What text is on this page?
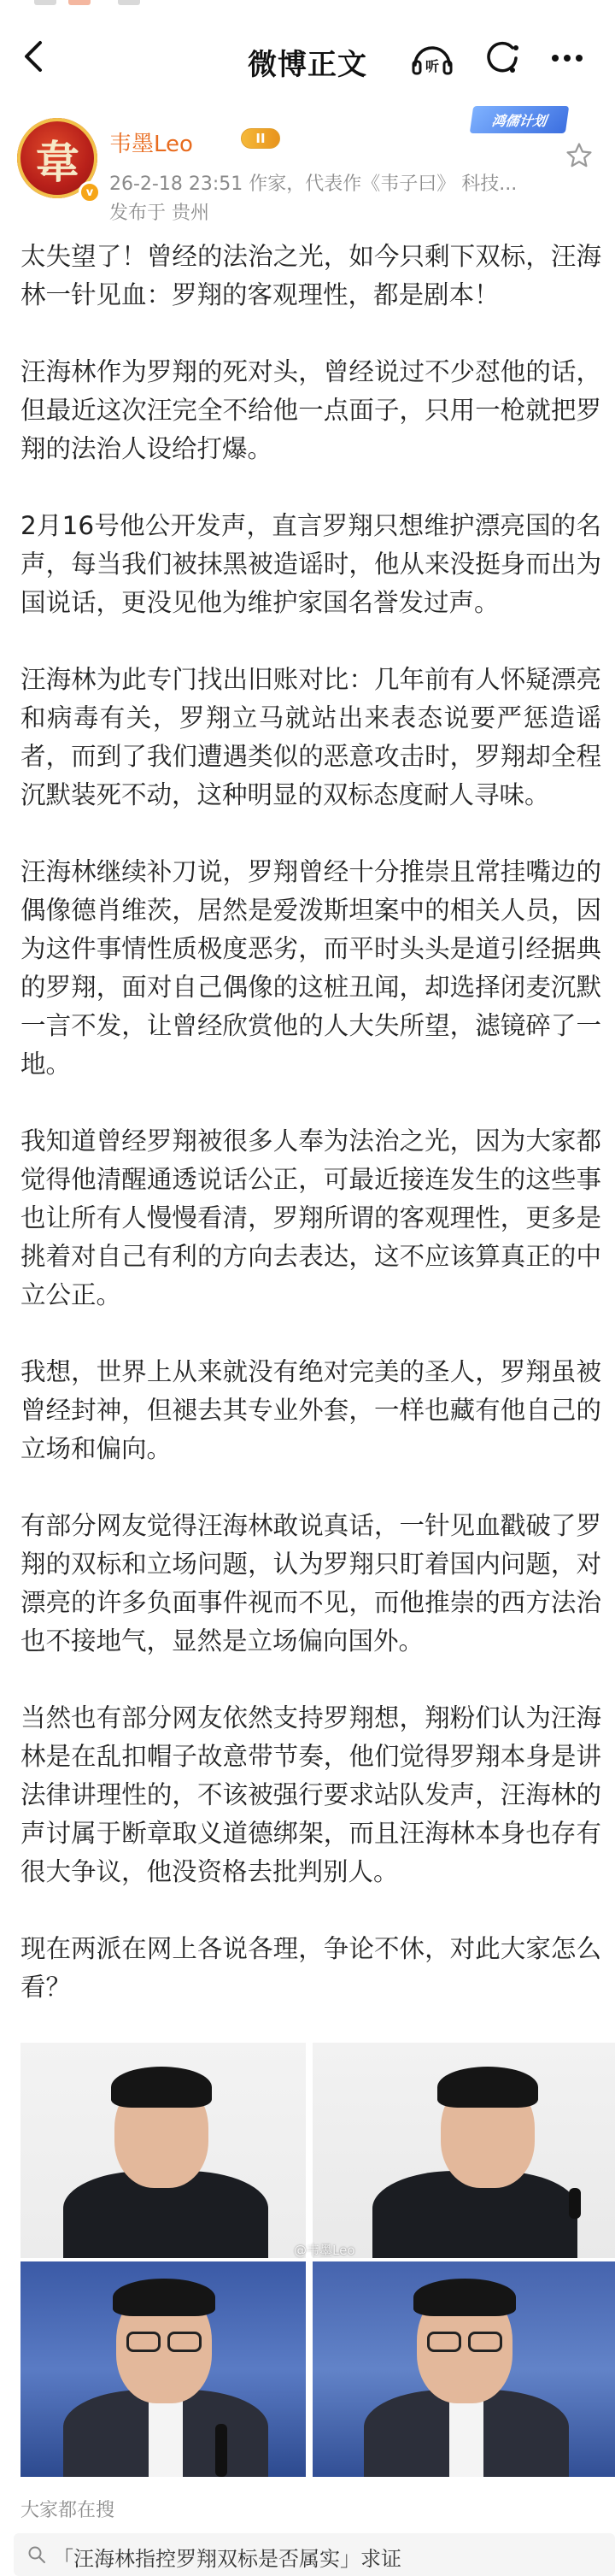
微博正文	听
韋
v
韦墨Leo	II
鸿儒计划
26-2-18 23:51 作家，代表作《韦子曰》 科技...
发布于 贵州

太失望了！曾经的法治之光，如今只剩下双标，汪海林一针见血：罗翔的客观理性，都是剧本！

汪海林作为罗翔的死对头，曾经说过不少怼他的话，但最近这次汪完全不给他一点面子，只用一枪就把罗翔的法治人设给打爆。

2月16号他公开发声，直言罗翔只想维护漂亮国的名声，每当我们被抹黑被造谣时，他从来没挺身而出为国说话，更没见他为维护家国名誉发过声。

汪海林为此专门找出旧账对比：几年前有人怀疑漂亮和病毒有关，罗翔立马就站出来表态说要严惩造谣者，而到了我们遭遇类似的恶意攻击时，罗翔却全程沉默装死不动，这种明显的双标态度耐人寻味。

汪海林继续补刀说，罗翔曾经十分推崇且常挂嘴边的偶像德肖维茨，居然是爱泼斯坦案中的相关人员，因为这件事情性质极度恶劣，而平时头头是道引经据典的罗翔，面对自己偶像的这桩丑闻，却选择闭麦沉默一言不发，让曾经欣赏他的人大失所望，滤镜碎了一地。

我知道曾经罗翔被很多人奉为法治之光，因为大家都觉得他清醒通透说话公正，可最近接连发生的这些事也让所有人慢慢看清，罗翔所谓的客观理性，更多是挑着对自己有利的方向去表达，这不应该算真正的中立公正。

我想，世界上从来就没有绝对完美的圣人，罗翔虽被曾经封神，但褪去其专业外套，一样也藏有他自己的立场和偏向。

有部分网友觉得汪海林敢说真话，一针见血戳破了罗翔的双标和立场问题，认为罗翔只盯着国内问题，对漂亮的许多负面事件视而不见，而他推崇的西方法治也不接地气，显然是立场偏向国外。

当然也有部分网友依然支持罗翔想，翔粉们认为汪海林是在乱扣帽子故意带节奏，他们觉得罗翔本身是讲法律讲理性的，不该被强行要求站队发声，汪海林的声讨属于断章取义道德绑架，而且汪海林本身也存有很大争议，他没资格去批判别人。

现在两派在网上各说各理，争论不休，对此大家怎么看？

@韦墨Leo
大家都在搜
「汪海林指控罗翔双标是否属实」求证
